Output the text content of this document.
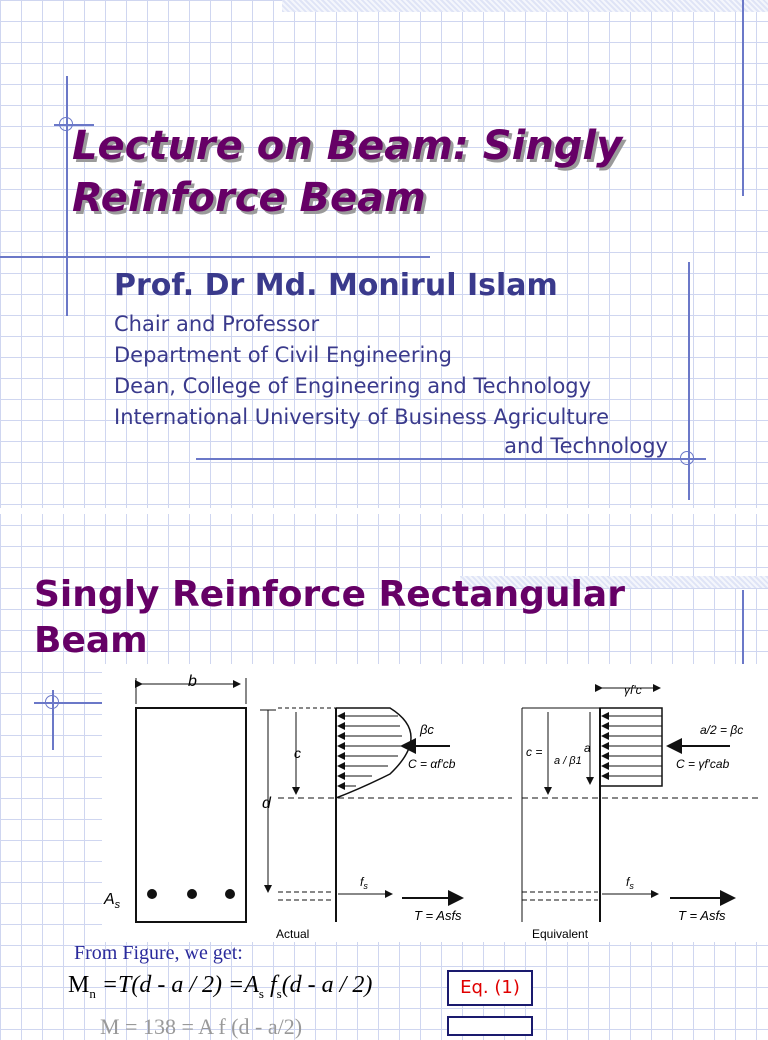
Lecture on Beam: Singly
Reinforce Beam
Prof. Dr Md. Monirul Islam
Chair and Professor
Department of Civil Engineering
Dean, College of Engineering and Technology
International University of Business Agriculture
and Technology
Singly Reinforce Rectangular Beam
b
$A_s$
d
c
βc
C = αf′cb
$f_s$
T = Asfs
Actual
γf′c
a
c =
a / β1
a/2 = βc
C = γf′cab
$f_s$
T = Asfs
Equivalent
From Figure, we get:
$M_n =T(d - a / 2) =A_s$ $f_s(d$ - a / 2)	Eq. (1)
M = 138 = A f (d - a/2)
